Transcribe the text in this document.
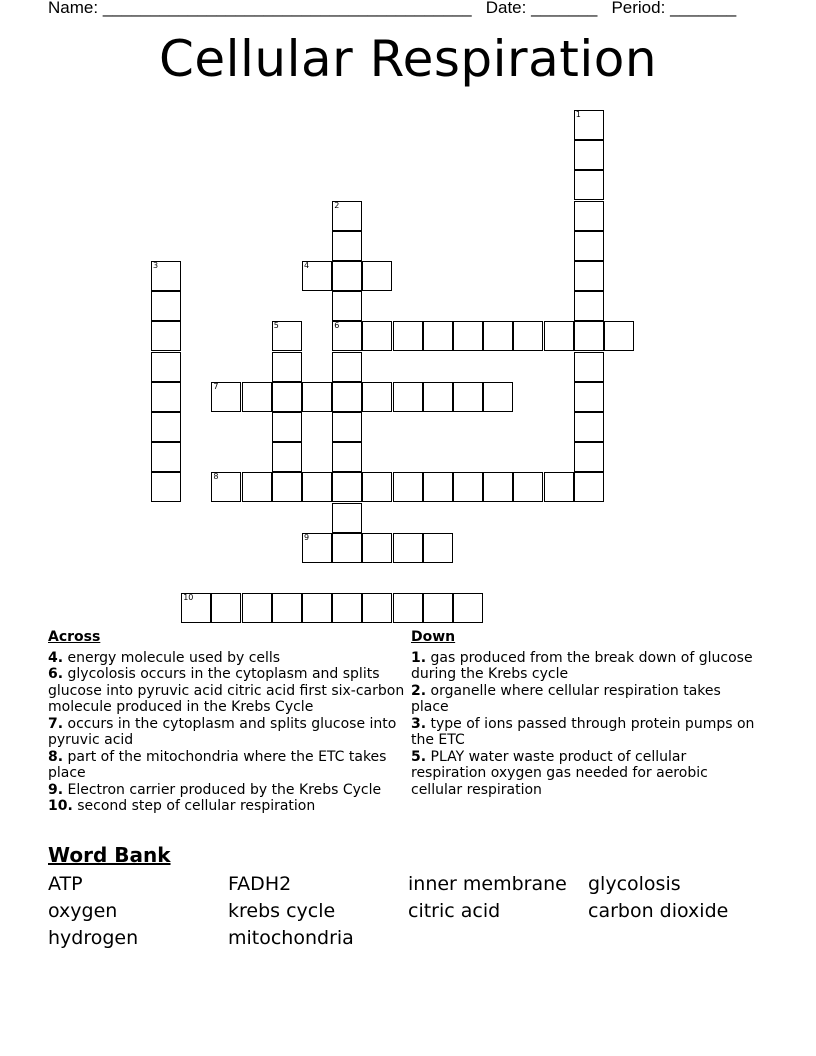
Name: _______________________________________ Date: _______ Period: _______
Cellular Respiration
1
2
6
3	4
5
7
8
9
10
Across
4. energy molecule used by cells
6. glycolosis occurs in the cytoplasm and splits glucose into pyruvic acid citric acid first six-carbon molecule produced in the Krebs Cycle
7. occurs in the cytoplasm and splits glucose into pyruvic acid
8. part of the mitochondria where the ETC takes place
9. Electron carrier produced by the Krebs Cycle
10. second step of cellular respiration
Down
1. gas produced from the break down of glucose during the Krebs cycle
2. organelle where cellular respiration takes place
3. type of ions passed through protein pumps on the ETC
5. PLAY water waste product of cellular respiration oxygen gas needed for aerobic cellular respiration
Word Bank
ATP	FADH2	inner membrane	glycolosis
oxygen	krebs cycle	citric acid	carbon dioxide
hydrogen	mitochondria
